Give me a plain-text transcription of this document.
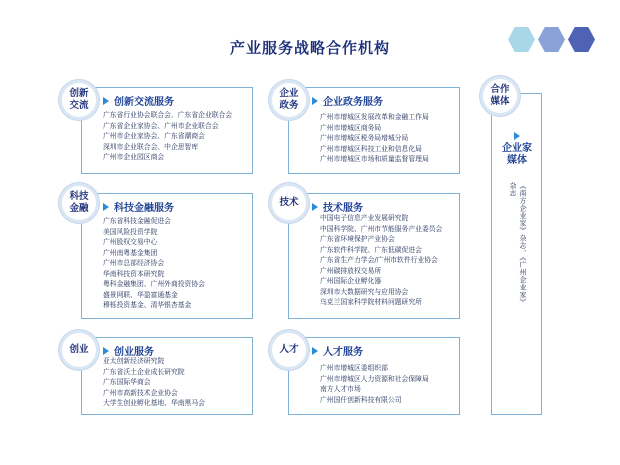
产业服务战略合作机构
创新
交流	创新交流服务
广东省行业协会联合会、广东省企业联合会
广东省企业家协会、广州市企业联合会
广州市企业家协会、广东省潮商会
深圳市企业联合会、中企思智库
广州市企业园区商会
企业
政务 企业政务服务
广州市增城区发展改革和金融工作局
广州市增城区商务局
广州市增城区税务局增城分局
广州市增城区科技工业和信息化局
广州市增城区市场和质量监督管理局
科技
金融	科技金融服务
广东省科技金融促进会
美国风险投资学院
广州股权交易中心
广州南粤基金集团
广州市总部经济协会
华南科技资本研究院
粤科金融集团、广州外商投资协会
盛景网联、华盈富通基金
穆栎投资基金、清华银杏基金
技术
技术服务
中国电子信息产业发展研究院
中国科学院、广州市节能服务产业委员会
广东省环境保护产业协会
广东软件科学院、广东低碳促进会
广东省生产力学会/广州市软件行业协会
广州碳排放权交易所
广州国际企业孵化器
深圳市大数据研究与应用协会
乌克兰国家科学院材料问题研究所
创业	创业服务
亚太创新经济研究院
广东省沃土企业成长研究院
广东国际华商会
广州市高新技术企业协会
大学生创业孵化基地、华南黑马会
人才 人才服务
广州市增城区委组织部
广州市增城区人力资源和社会保障局
南方人才市场
广州国仟创新科技有限公司
合作
媒体
企业家
媒体
《南方企业家》杂志、《广州企业家》杂志
